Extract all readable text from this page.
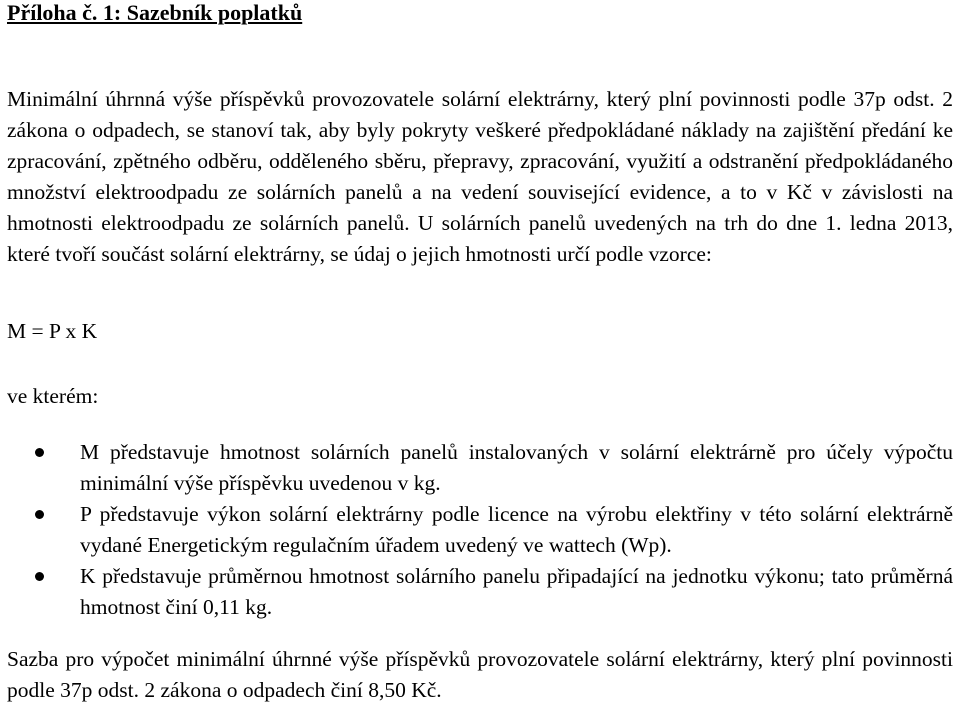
Příloha č. 1: Sazebník poplatků

Minimální úhrnná výše příspěvků provozovatele solární elektrárny, který plní povinnosti podle 37p odst. 2 zákona o odpadech, se stanoví tak, aby byly pokryty veškeré předpokládané náklady na zajištění předání ke zpracování, zpětného odběru, odděleného sběru, přepravy, zpracování, využití a odstranění předpokládaného množství elektroodpadu ze solárních panelů a na vedení související evidence, a to v Kč v závislosti na hmotnosti elektroodpadu ze solárních panelů. U solárních panelů uvedených na trh do dne 1. ledna 2013, které tvoří součást solární elektrárny, se údaj o jejich hmotnosti určí podle vzorce:

M = P x K

ve kterém:

M představuje hmotnost solárních panelů instalovaných v solární elektrárně pro účely výpočtu minimální výše příspěvku uvedenou v kg.
P představuje výkon solární elektrárny podle licence na výrobu elektřiny v této solární elektrárně vydané Energetickým regulačním úřadem uvedený ve wattech (Wp).
K představuje průměrnou hmotnost solárního panelu připadající na jednotku výkonu; tato průměrná hmotnost činí 0,11 kg.

Sazba pro výpočet minimální úhrnné výše příspěvků provozovatele solární elektrárny, který plní povinnosti podle 37p odst. 2 zákona o odpadech činí 8,50 Kč.
